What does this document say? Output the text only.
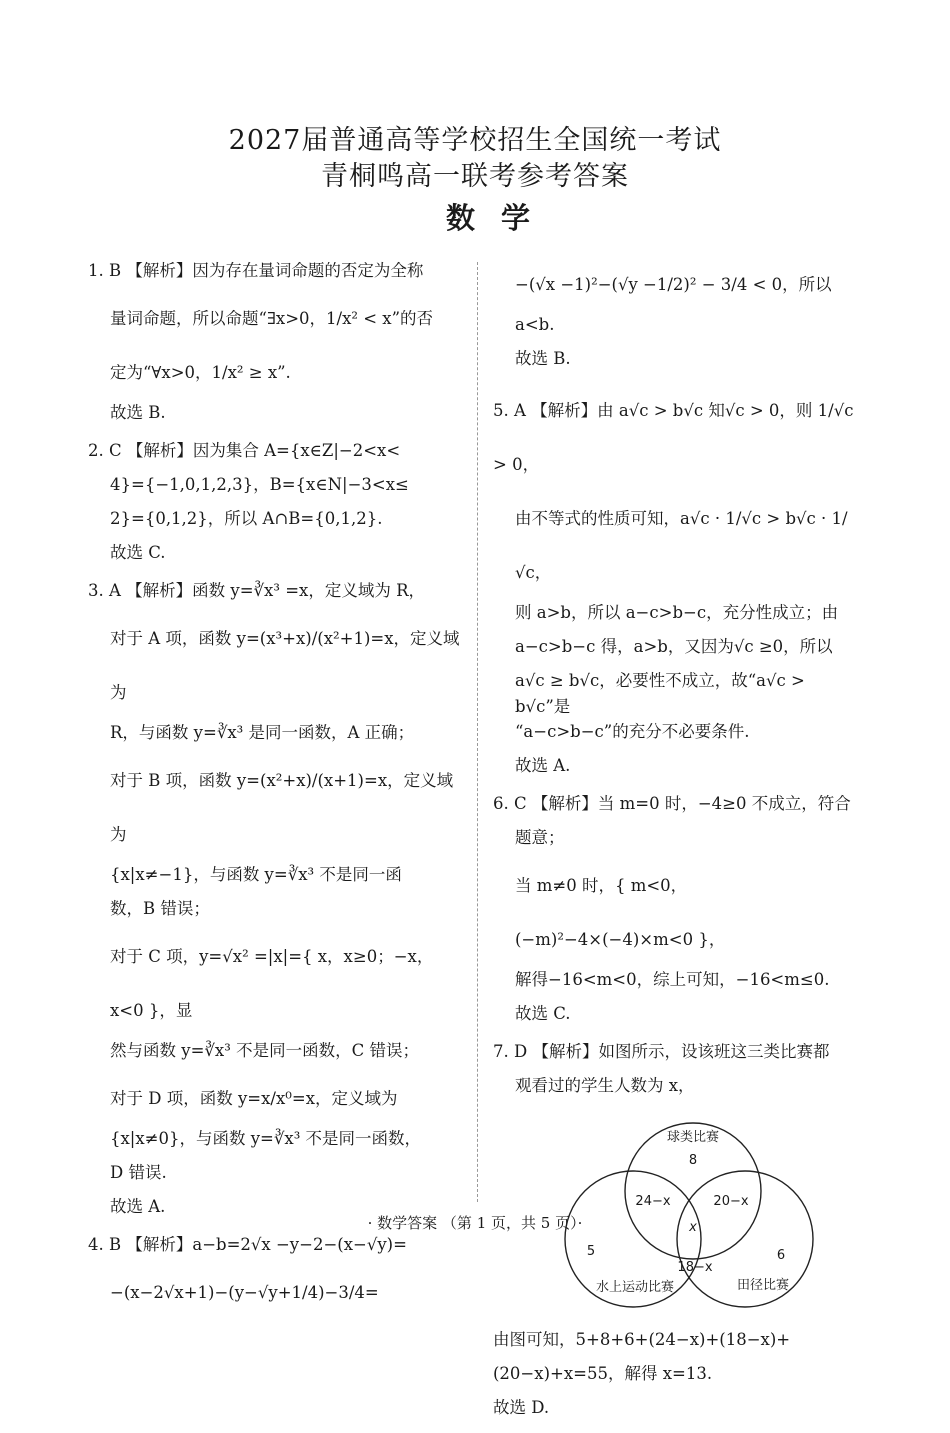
2027届普通高等学校招生全国统一考试
青桐鸣高一联考参考答案
数学
1. B 【解析】因为存在量词命题的否定为全称
量词命题，所以命题“∃x>0，1/x² < x”的否
定为“∀x>0，1/x² ≥ x”.
故选 B.
2. C 【解析】因为集合 A={x∈Z|−2<x<
4}={−1,0,1,2,3}，B={x∈N|−3<x≤
2}={0,1,2}，所以 A∩B={0,1,2}.
故选 C.
3. A 【解析】函数 y=∛x³ =x，定义域为 R，
对于 A 项，函数 y=(x³+x)/(x²+1)=x，定义域为
R，与函数 y=∛x³ 是同一函数，A 正确；
对于 B 项，函数 y=(x²+x)/(x+1)=x，定义域为
{x|x≠−1}，与函数 y=∛x³ 不是同一函
数，B 错误；
对于 C 项，y=√x² =|x|={ x，x≥0；−x，x<0 }，显
然与函数 y=∛x³ 不是同一函数，C 错误；
对于 D 项，函数 y=x/x⁰=x，定义域为
{x|x≠0}，与函数 y=∛x³ 不是同一函数，
D 错误.
故选 A.
4. B 【解析】a−b=2√x −y−2−(x−√y)=
−(x−2√x+1)−(y−√y+1/4)−3/4=
−(√x −1)²−(√y −1/2)² − 3/4 < 0，所以
a<b.
故选 B.
5. A 【解析】由 a√c > b√c 知√c > 0，则 1/√c > 0，
由不等式的性质可知，a√c · 1/√c > b√c · 1/√c，
则 a>b，所以 a−c>b−c，充分性成立；由
a−c>b−c 得，a>b，又因为√c ≥0，所以
a√c ≥ b√c，必要性不成立，故“a√c > b√c”是
“a−c>b−c”的充分不必要条件.
故选 A.
6. C 【解析】当 m=0 时，−4≥0 不成立，符合
题意；
当 m≠0 时，{ m<0，(−m)²−4×(−4)×m<0 }，
解得−16<m<0，综上可知，−16<m≤0.
故选 C.
7. D 【解析】如图所示，设该班这三类比赛都
观看过的学生人数为 x，
球类比赛
8
24−x	20−x
x
5	6
18−x
水上运动比赛	田径比赛
由图可知，5+8+6+(24−x)+(18−x)+
(20−x)+x=55，解得 x=13.
故选 D.
· 数学答案 （第 1 页，共 5 页）·
